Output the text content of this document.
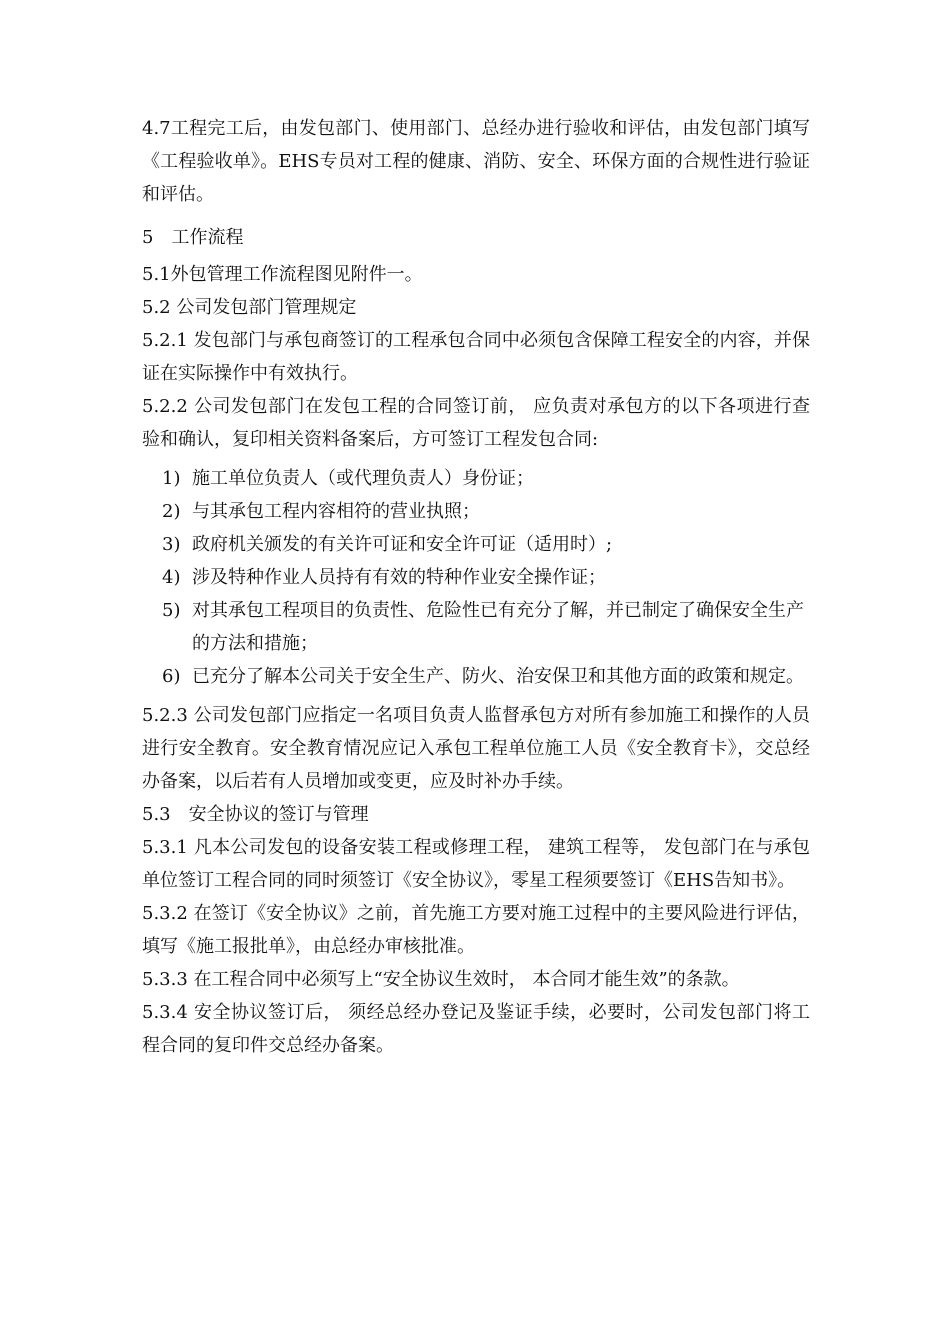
4.7工程完工后，由发包部门、使用部门、总经办进行验收和评估，由发包部门填写《工程验收单》。EHS专员对工程的健康、消防、安全、环保方面的合规性进行验证和评估。

5　工作流程

5.1外包管理工作流程图见附件一。

5.2 公司发包部门管理规定

5.2.1 发包部门与承包商签订的工程承包合同中必须包含保障工程安全的内容，并保证在实际操作中有效执行。

5.2.2 公司发包部门在发包工程的合同签订前， 应负责对承包方的以下各项进行查验和确认，复印相关资料备案后，方可签订工程发包合同:

1) 施工单位负责人（或代理负责人）身份证；
2) 与其承包工程内容相符的营业执照；
3) 政府机关颁发的有关许可证和安全许可证（适用时）;
4) 涉及特种作业人员持有有效的特种作业安全操作证；
5) 对其承包工程项目的负责性、危险性已有充分了解，并已制定了确保安全生产的方法和措施；
6) 已充分了解本公司关于安全生产、防火、治安保卫和其他方面的政策和规定。

5.2.3 公司发包部门应指定一名项目负责人监督承包方对所有参加施工和操作的人员进行安全教育。安全教育情况应记入承包工程单位施工人员《安全教育卡》，交总经办备案，以后若有人员增加或变更，应及时补办手续。

5.3　安全协议的签订与管理

5.3.1 凡本公司发包的设备安装工程或修理工程， 建筑工程等， 发包部门在与承包单位签订工程合同的同时须签订《安全协议》，零星工程须要签订《EHS告知书》。

5.3.2 在签订《安全协议》之前，首先施工方要对施工过程中的主要风险进行评估，填写《施工报批单》，由总经办审核批准。

5.3.3 在工程合同中必须写上“安全协议生效时， 本合同才能生效”的条款。

5.3.4 安全协议签订后， 须经总经办登记及鉴证手续，必要时，公司发包部门将工程合同的复印件交总经办备案。
